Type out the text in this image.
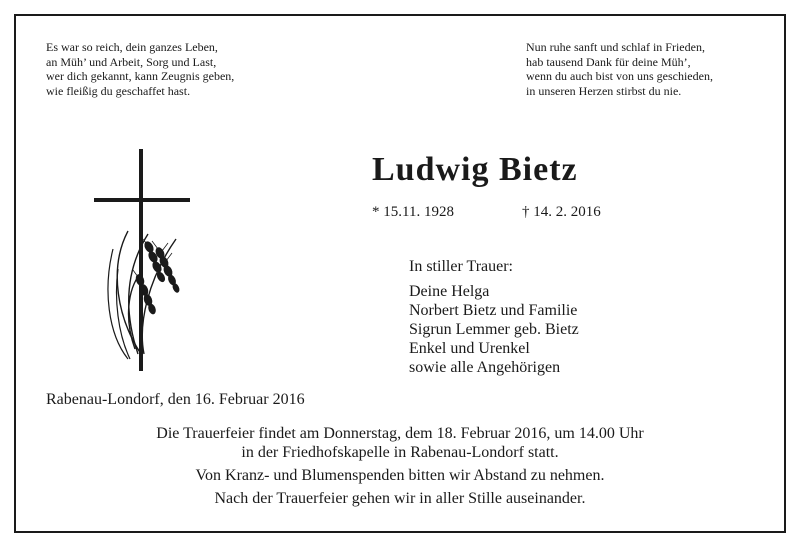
Es war so reich, dein ganzes Leben,
an Müh’ und Arbeit, Sorg und Last,
wer dich gekannt, kann Zeugnis geben,
wie fleißig du geschaffet hast.
Nun ruhe sanft und schlaf in Frieden,
hab tausend Dank für deine Müh’,
wenn du auch bist von uns geschieden,
in unseren Herzen stirbst du nie.
Ludwig Bietz
* 15.11. 1928	† 14. 2. 2016
In stiller Trauer:
Deine Helga
Norbert Bietz und Familie
Sigrun Lemmer geb. Bietz
Enkel und Urenkel
sowie alle Angehörigen
Rabenau-Londorf, den 16. Februar 2016
Die Trauerfeier findet am Donnerstag, dem 18. Februar 2016, um 14.00 Uhr
in der Friedhofskapelle in Rabenau-Londorf statt.
Von Kranz- und Blumenspenden bitten wir Abstand zu nehmen.
Nach der Trauerfeier gehen wir in aller Stille auseinander.
